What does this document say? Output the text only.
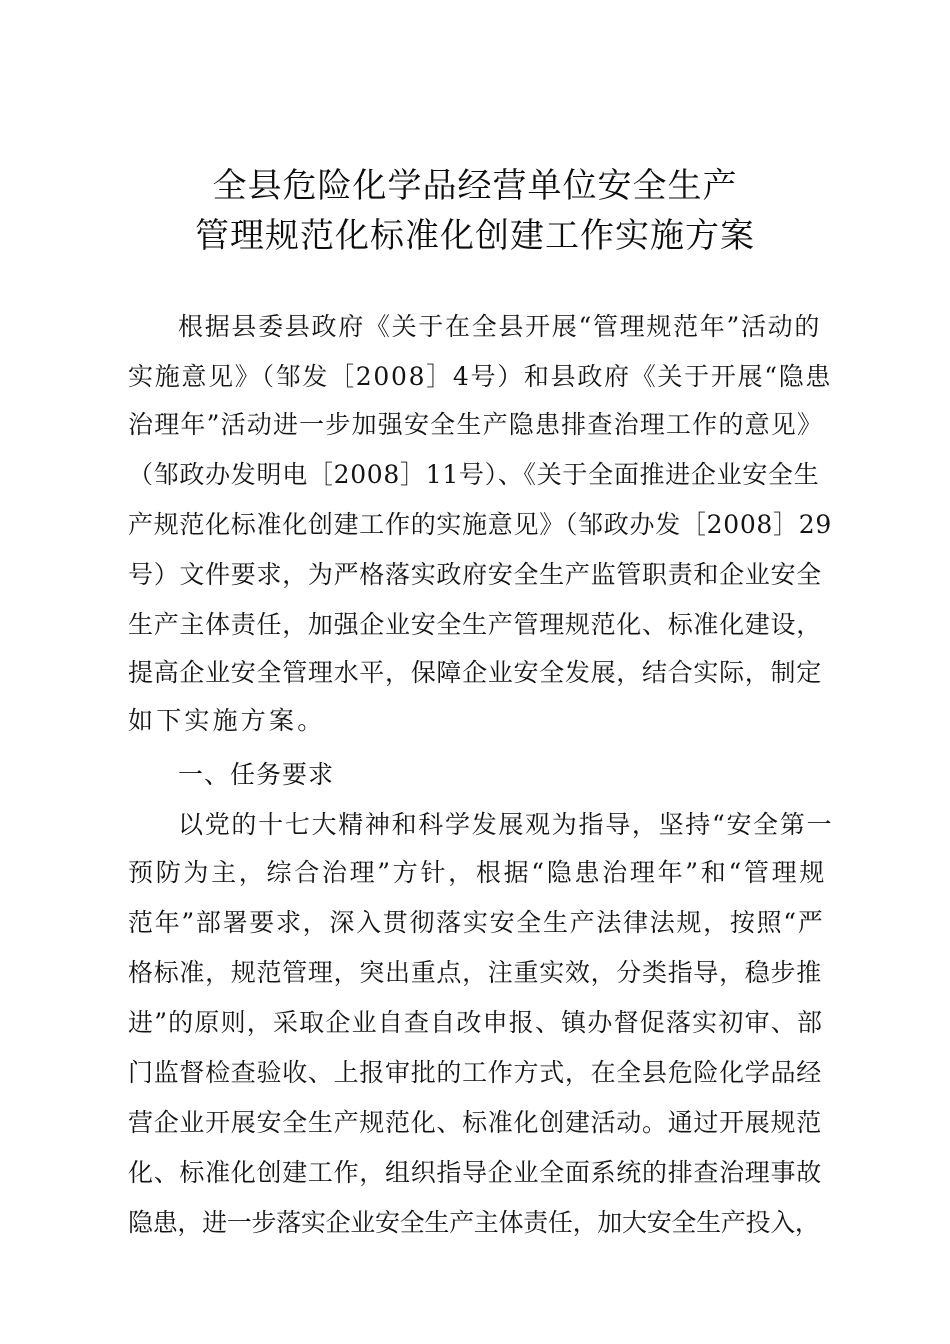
全县危险化学品经营单位安全生产
管理规范化标准化创建工作实施方案
根据县委县政府《关于在全县开展“管理规范年”活动的
实施意见》（邹发［2008］4号）和县政府《关于开展“隐患
治理年”活动进一步加强安全生产隐患排查治理工作的意见》
（邹政办发明电［2008］11号）、《关于全面推进企业安全生
产规范化标准化创建工作的实施意见》（邹政办发［2008］29
号）文件要求，为严格落实政府安全生产监管职责和企业安全
生产主体责任，加强企业安全生产管理规范化、标准化建设，
提高企业安全管理水平，保障企业安全发展，结合实际，制定
如下实施方案。
一、任务要求
以党的十七大精神和科学发展观为指导，坚持“安全第一
预防为主，综合治理”方针，根据“隐患治理年”和“管理规
范年”部署要求，深入贯彻落实安全生产法律法规，按照“严
格标准，规范管理，突出重点，注重实效，分类指导，稳步推
进”的原则，采取企业自查自改申报、镇办督促落实初审、部
门监督检查验收、上报审批的工作方式，在全县危险化学品经
营企业开展安全生产规范化、标准化创建活动。通过开展规范
化、标准化创建工作，组织指导企业全面系统的排查治理事故
隐患，进一步落实企业安全生产主体责任，加大安全生产投入，
